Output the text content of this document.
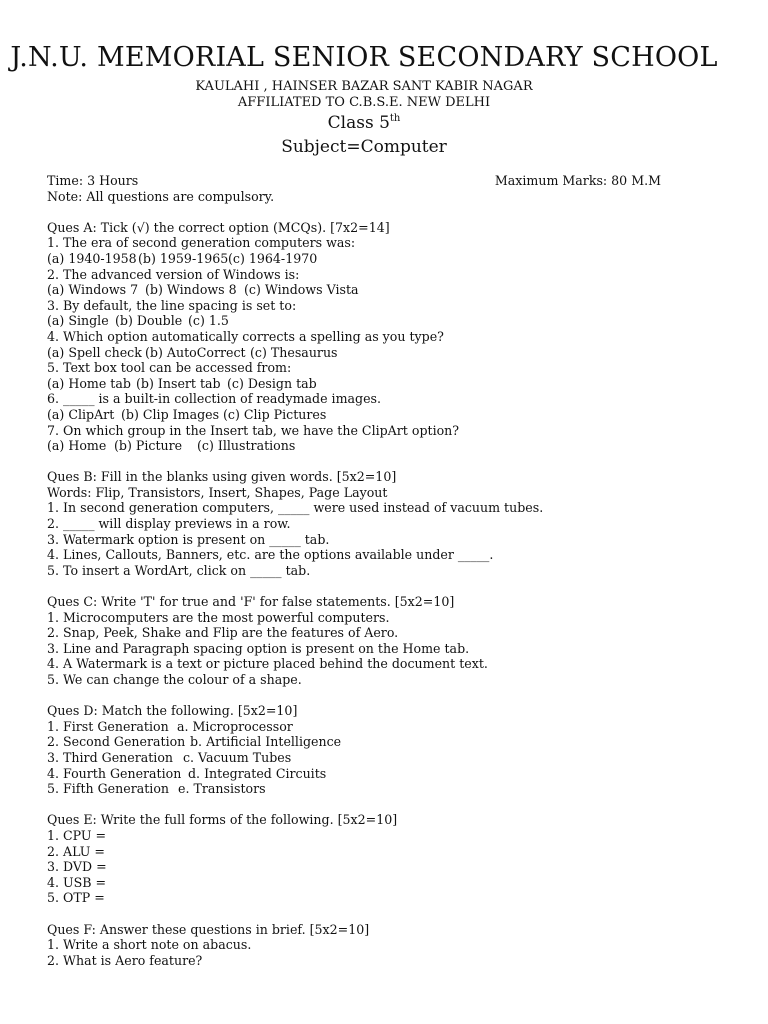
J.N.U. MEMORIAL SENIOR SECONDARY SCHOOL
KAULAHI , HAINSER BAZAR SANT KABIR NAGAR
AFFILIATED TO C.B.S.E. NEW DELHI
Class 5th
Subject=Computer
Time: 3 Hours	Maximum Marks: 80 M.M
Note: All questions are compulsory.
Ques A: Tick (√) the correct option (MCQs). [7x2=14]
1. The era of second generation computers was:
(a) 1940-1958(b) 1959-1965(c) 1964-1970
2. The advanced version of Windows is:
(a) Windows 7 (b) Windows 8 (c) Windows Vista
3. By default, the line spacing is set to:
(a) Single (b) Double (c) 1.5
4. Which option automatically corrects a spelling as you type?
(a) Spell check (b) AutoCorrect (c) Thesaurus
5. Text box tool can be accessed from:
(a) Home tab (b) Insert tab (c) Design tab
6. _____ is a built-in collection of readymade images.
(a) ClipArt (b) Clip Images (c) Clip Pictures
7. On which group in the Insert tab, we have the ClipArt option?
(a) Home (b) Picture (c) Illustrations
Ques B: Fill in the blanks using given words. [5x2=10]
Words: Flip, Transistors, Insert, Shapes, Page Layout
1. In second generation computers, _____ were used instead of vacuum tubes.
2. _____ will display previews in a row.
3. Watermark option is present on _____ tab.
4. Lines, Callouts, Banners, etc. are the options available under _____.
5. To insert a WordArt, click on _____ tab.
Ques C: Write 'T' for true and 'F' for false statements. [5x2=10]
1. Microcomputers are the most powerful computers.
2. Snap, Peek, Shake and Flip are the features of Aero.
3. Line and Paragraph spacing option is present on the Home tab.
4. A Watermark is a text or picture placed behind the document text.
5. We can change the colour of a shape.
Ques D: Match the following. [5x2=10]
1. First Generation a. Microprocessor
2. Second Generation b. Artificial Intelligence
3. Third Generation c. Vacuum Tubes
4. Fourth Generation d. Integrated Circuits
5. Fifth Generation e. Transistors
Ques E: Write the full forms of the following. [5x2=10]
1. CPU =
2. ALU =
3. DVD =
4. USB =
5. OTP =
Ques F: Answer these questions in brief. [5x2=10]
1. Write a short note on abacus.
2. What is Aero feature?
